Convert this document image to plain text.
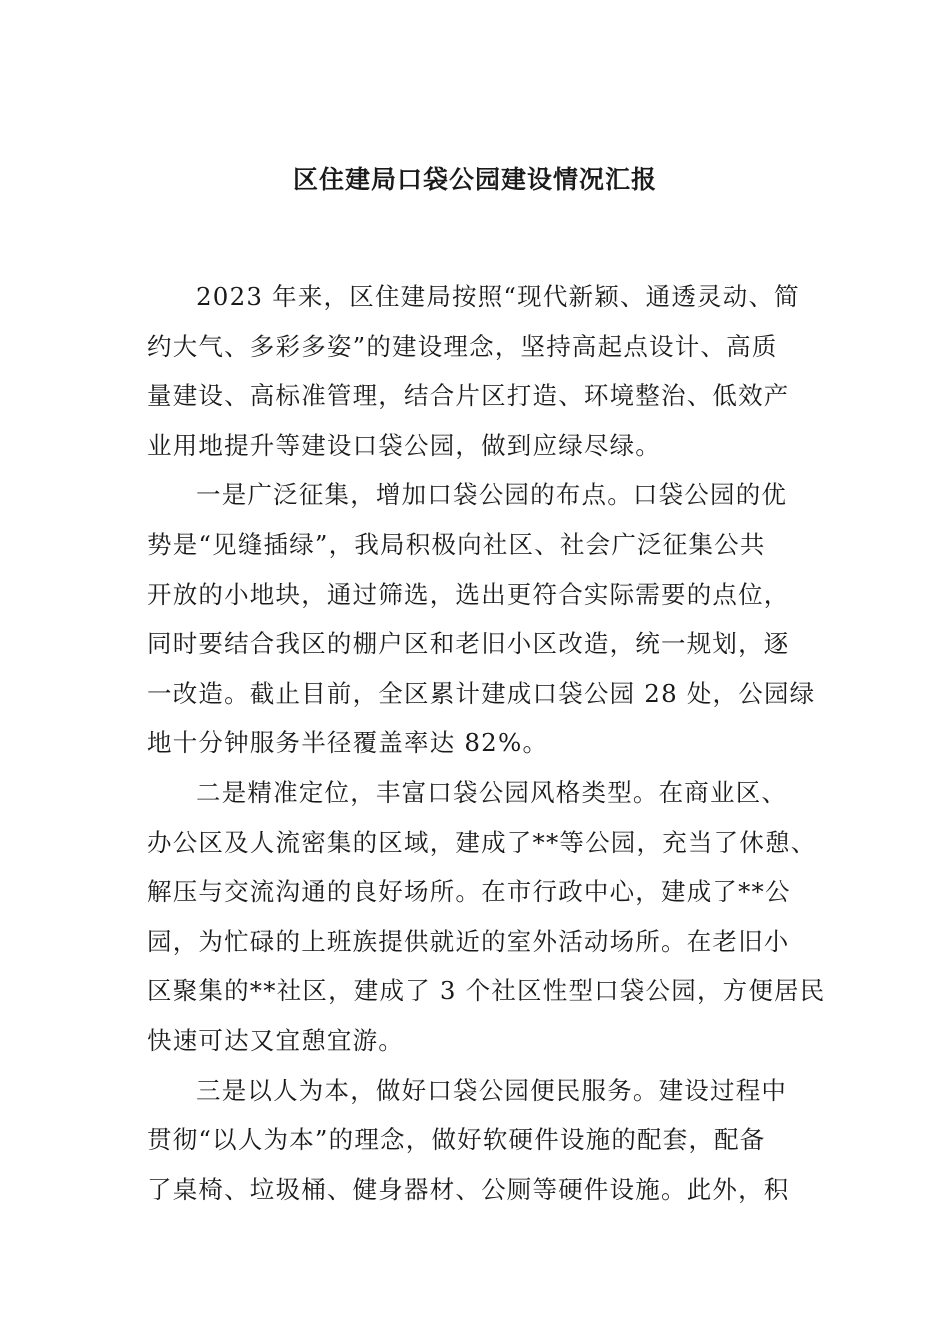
区住建局口袋公园建设情况汇报
2023 年来，区住建局按照“现代新颖、通透灵动、简
约大气、多彩多姿”的建设理念，坚持高起点设计、高质
量建设、高标准管理，结合片区打造、环境整治、低效产
业用地提升等建设口袋公园，做到应绿尽绿。
一是广泛征集，增加口袋公园的布点。口袋公园的优
势是“见缝插绿”，我局积极向社区、社会广泛征集公共
开放的小地块，通过筛选，选出更符合实际需要的点位，
同时要结合我区的棚户区和老旧小区改造，统一规划，逐
一改造。截止目前，全区累计建成口袋公园 28 处，公园绿
地十分钟服务半径覆盖率达 82%。
二是精准定位，丰富口袋公园风格类型。在商业区、
办公区及人流密集的区域，建成了**等公园，充当了休憩、
解压与交流沟通的良好场所。在市行政中心，建成了**公
园，为忙碌的上班族提供就近的室外活动场所。在老旧小
区聚集的**社区，建成了 3 个社区性型口袋公园，方便居民
快速可达又宜憩宜游。
三是以人为本，做好口袋公园便民服务。建设过程中
贯彻“以人为本”的理念，做好软硬件设施的配套，配备
了桌椅、垃圾桶、健身器材、公厕等硬件设施。此外，积
